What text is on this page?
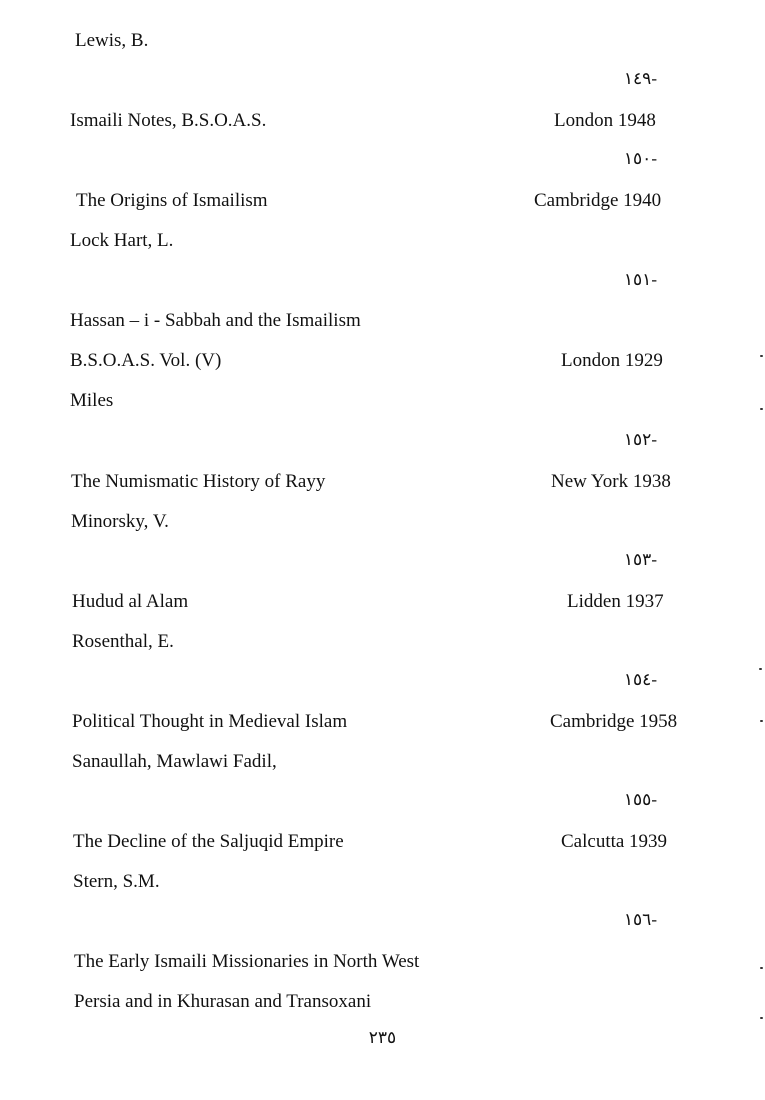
Lewis, B.
Ismaili Notes, B.S.O.A.S.
The Origins of Ismailism
Lock Hart, L.
Hassan – i - Sabbah and the Ismailism
B.S.O.A.S. Vol. (V)
Miles
The Numismatic History of Rayy
Minorsky, V.
Hudud al Alam
Rosenthal, E.
Political Thought in Medieval Islam
Sanaullah, Mawlawi Fadil,
The Decline of the Saljuqid Empire
Stern, S.M.
The Early Ismaili Missionaries in North West
Persia and in Khurasan and Transoxani
١٤٩-
١٥٠-
١٥١-
١٥٢-
١٥٣-
١٥٤-
١٥٥-
١٥٦-
London 1948
Cambridge 1940
London 1929
New York 1938
Lidden 1937
Cambridge 1958
Calcutta 1939
٢٣٥
